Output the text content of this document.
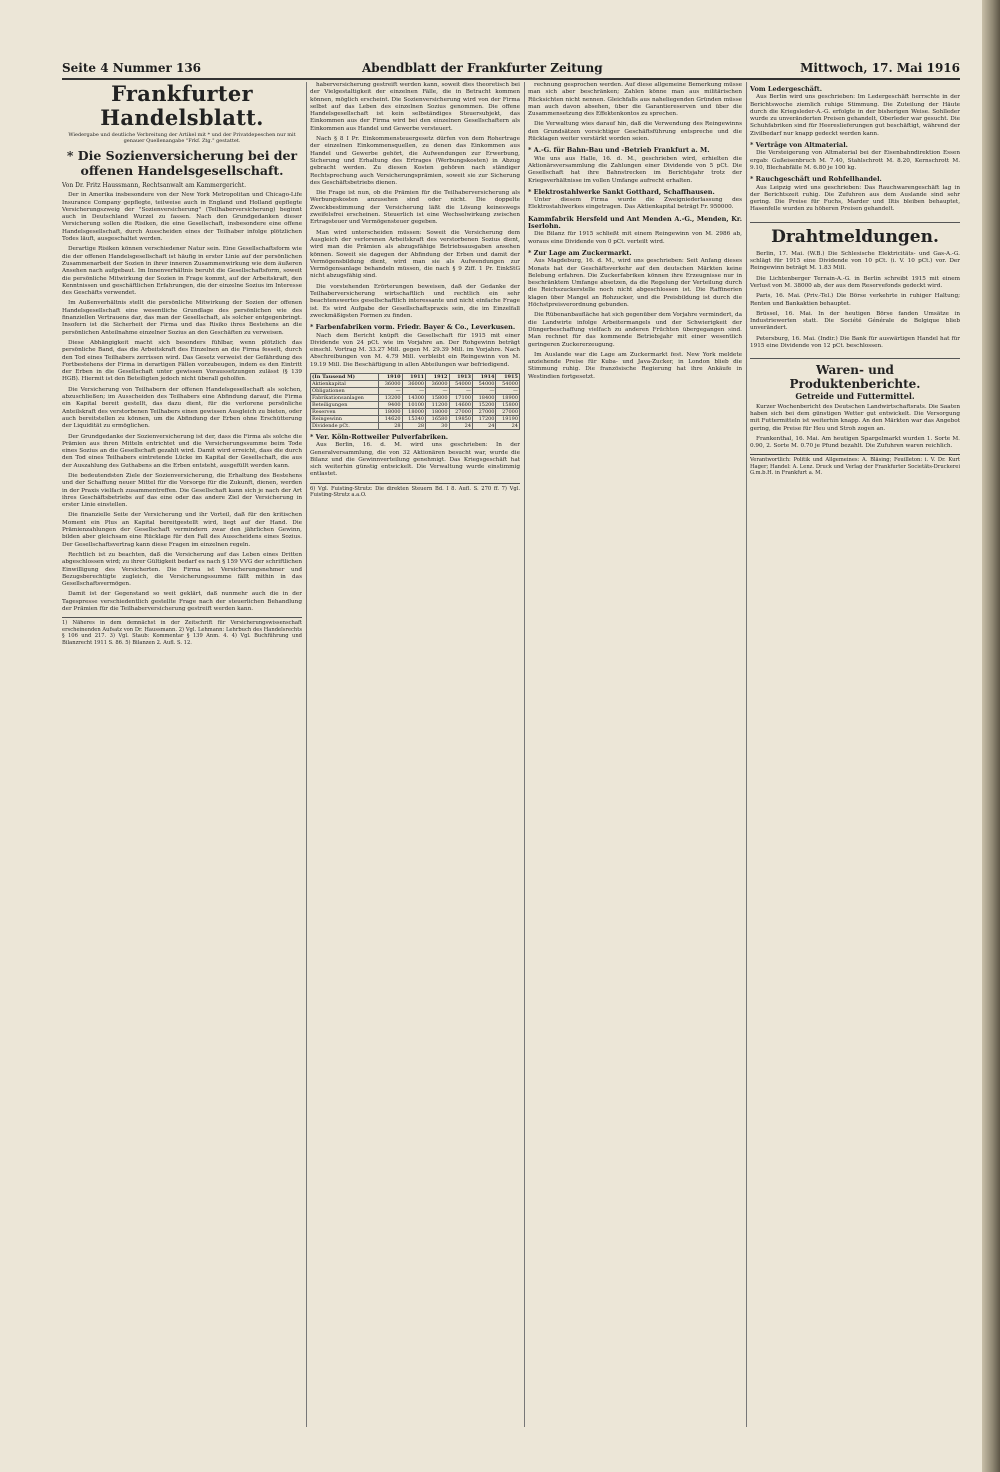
Seite 4 Nummer 136	Abendblatt der Frankfurter Zeitung	Mittwoch, 17. Mai 1916
Frankfurter Handelsblatt.
Wiedergabe und deutliche Verbreitung der Artikel mit * und der Privatdepeschen nur mit genauer Quellenangabe "Frkf. Ztg." gestattet.
* Die Sozienversicherung bei der offenen Handelsgesellschaft.
Von Dr. Fritz Haussmann, Rechtsanwalt am Kammergericht.

Der in Amerika insbesondere von der New York Metropolitan und Chicago-Life Insurance Company gepflegte, teilweise auch in England und Holland gepflegte Versicherungszweig der "Sozienversicherung" (Teilhaberversicherung) beginnt auch in Deutschland Wurzel zu fassen. Nach den Grundgedanken dieser Versicherung sollen die Risiken, die eine Gesellschaft, insbesondere eine offene Handelsgesellschaft, durch Ausscheiden eines der Teilhaber infolge plötzlichen Todes läuft, ausgeschaltet werden.

Derartige Risiken können verschiedener Natur sein. Eine Gesellschaftsform wie die der offenen Handelsgesellschaft ist häufig in erster Linie auf der persönlichen Zusammenarbeit der Sozien in ihrer inneren Zusammenwirkung wie dem äußeren Ansehen nach aufgebaut. Im Innenverhältnis beruht die Gesellschaftsform, soweit die persönliche Mitwirkung der Sozien in Frage kommt, auf der Arbeitskraft, den Kenntnissen und geschäftlichen Erfahrungen, die der einzelne Sozius im Interesse des Geschäfts verwendet.

Im Außenverhältnis stellt die persönliche Mitwirkung der Sozien der offenen Handelsgesellschaft eine wesentliche Grundlage des persönlichen wie des finanziellen Vertrauens dar, das man der Gesellschaft, als solcher entgegenbringt. Insofern ist die Sicherheit der Firma und das Risiko ihres Bestehens an die persönlichen Anteilnahme einzelner Sozius an den Geschäften zu verweisen.

Diese Abhängigkeit macht sich besonders fühlbar, wenn plötzlich das persönliche Band, das die Arbeitskraft des Einzelnen an die Firma fesselt, durch den Tod eines Teilhabers zerrissen wird. Das Gesetz verweist der Gefährdung des Fortbestehens der Firma in derartigen Fällen vorzubeugen, indem es den Eintritt der Erben in die Gesellschaft unter gewissen Voraussetzungen zulässt (§ 139 HGB). Hiermit ist den Beteiligten jedoch nicht überall geholfen.

Die Versicherung von Teilhabern der offenen Handelsgesellschaft als solchen, abzuschließen; im Ausscheiden des Teilhabers eine Abfindung darauf, die Firma ein Kapital bereit gestellt, das dazu dient, für die verlorene persönliche Anteilskraft des verstorbenen Teilhabers einen gewissen Ausgleich zu bieten, oder auch bereitstellen zu können, um die Abfindung der Erben ohne Erschütterung der Liquidität zu ermöglichen.

Der Grundgedanke der Sozienversicherung ist der, dass die Firma als solche die Prämien aus ihren Mitteln entrichtet und die Versicherungssumme beim Tode eines Sozius an die Gesellschaft gezahlt wird. Damit wird erreicht, dass die durch den Tod eines Teilhabers eintretende Lücke im Kapital der Gesellschaft, die aus der Auszahlung des Guthabens an die Erben entsteht, ausgefüllt werden kann.

Die bedeutendsten Ziele der Sozienversicherung, die Erhaltung des Bestehens und der Schaffung neuer Mittel für die Vorsorge für die Zukunft, dienen, werden in der Praxis vielfach zusammentreffen. Die Gesellschaft kann sich je nach der Art ihres Geschäftsbetriebs auf das eine oder das andere Ziel der Versicherung in erster Linie einstellen.

Die finanzielle Seite der Versicherung und ihr Vorteil, daß für den kritischen Moment ein Plus an Kapital bereitgestellt wird, liegt auf der Hand. Die Prämienzahlungen der Gesellschaft vermindern zwar den jährlichen Gewinn, bilden aber gleichsam eine Rücklage für den Fall des Ausscheidens eines Sozius. Der Gesellschaftsvertrag kann diese Fragen im einzelnen regeln.

Rechtlich ist zu beachten, daß die Versicherung auf das Leben eines Dritten abgeschlossen wird; zu ihrer Gültigkeit bedarf es nach § 159 VVG der schriftlichen Einwilligung des Versicherten. Die Firma ist Versicherungsnehmer und Bezugsberechtigte zugleich, die Versicherungssumme fällt mithin in das Gesellschaftsvermögen.

Damit ist der Gegenstand so weit geklärt, daß nunmehr auch die in der Tagespresse verschiedentlich gestellte Frage nach der steuerlichen Behandlung der Prämien für die Teilhaberversicherung gestreift werden kann.

1) Näheres in dem demnächst in der Zeitschrift für Versicherungswissenschaft erscheinenden Aufsatz von Dr. Haussmann. 2) Vgl. Lehmann: Lehrbuch des Handelsrechts § 106 und 217. 3) Vgl. Staub: Kommentar § 139 Anm. 4. 4) Vgl. Buchführung und Bilanzrecht 1911 S. 86. 5) Bilanzen 2. Aufl. S. 12.

haberversicherung gestreift werden kann, soweit dies theoretisch bei der Vielgestaltigkeit der einzelnen Fälle, die in Betracht kommen können, möglich erscheint. Die Sozienversicherung wird von der Firma selbst auf das Leben des einzelnen Sozius genommen. Die offene Handelsgesellschaft ist kein selbständiges Steuersubjekt, das Einkommen aus der Firma wird bei den einzelnen Gesellschaftern als Einkommen aus Handel und Gewerbe versteuert.

Nach § 8 I Pr. Einkommensteuergesetz dürfen von dem Rohertrage der einzelnen Einkommensquellen, zu denen das Einkommen aus Handel und Gewerbe gehört, die Aufwendungen zur Erwerbung, Sicherung und Erhaltung des Ertrages (Werbungskosten) in Abzug gebracht werden. Zu diesen Kosten gehören nach ständiger Rechtsprechung auch Versicherungsprämien, soweit sie zur Sicherung des Geschäftsbetriebs dienen.

Die Frage ist nun, ob die Prämien für die Teilhaberversicherung als Werbungskosten anzusehen sind oder nicht. Die doppelte Zweckbestimmung der Versicherung läßt die Lösung keineswegs zweifelsfrei erscheinen. Steuerlich ist eine Wechselwirkung zwischen Ertragsteuer und Vermögensteuer gegeben.

Man wird unterscheiden müssen: Soweit die Versicherung dem Ausgleich der verlorenen Arbeitskraft des verstorbenen Sozius dient, wird man die Prämien als abzugsfähige Betriebsausgaben ansehen können. Soweit sie dagegen der Abfindung der Erben und damit der Vermögensbildung dient, wird man sie als Aufwendungen zur Vermögensanlage behandeln müssen, die nach § 9 Ziff. 1 Pr. EinkStG nicht abzugsfähig sind.

Die vorstehenden Erörterungen beweisen, daß der Gedanke der Teilhaberversicherung wirtschaftlich und rechtlich ein sehr beachtenswertes gesellschaftlich interessante und nicht einfache Frage ist. Es wird Aufgabe der Gesellschaftspraxis sein, die im Einzelfall zweckmäßigsten Formen zu finden.

* Farbenfabriken vorm. Friedr. Bayer & Co., Leverkusen.

Nach dem Bericht knüpft die Gesellschaft für 1915 mit einer Dividende von 24 pCt. wie im Vorjahre an. Der Rohgewinn beträgt einschl. Vortrag M. 33.27 Mill. gegen M. 29.39 Mill. im Vorjahre. Nach Abschreibungen von M. 4.79 Mill. verbleibt ein Reingewinn von M. 19.19 Mill. Die Beschäftigung in allen Abteilungen war befriedigend.

(In Tausend M)	1910	1911	1912	1913	1914	1915
Aktienkapital	36000	36000	36000	54000	54000	54000
Obligationen	—	—	—	—	—	—
Fabrikationsanlagen	13200	14300	15800	17100	18400	18900
Beteiligungen	9400	10100	11200	14600	15200	15800
Reserven	18000	18000	18000	27000	27000	27000
Reingewinn	14620	15340	16580	19850	17200	19190
Dividende pCt.	28	28	30	24	24	24
* Ver. Köln-Rottweiler Pulverfabriken.

Aus Berlin, 16. d. M. wird uns geschrieben: In der Generalversammlung, die von 32 Aktionären besucht war, wurde die Bilanz und die Gewinnverteilung genehmigt. Das Kriegsgeschäft hat sich weiterhin günstig entwickelt. Die Verwaltung wurde einstimmig entlastet.

6) Vgl. Fuisting-Strutz: Die direkten Steuern Bd. I 8. Aufl. S. 270 ff. 7) Vgl. Fuisting-Strutz a.a.O.

rechnung gesprochen werden. Auf diese allgemeine Bemerkung müsse man sich aber beschränken; Zahlen könne man aus militärischen Rücksichten nicht nennen. Gleichfalls aus naheliegenden Gründen müsse man auch davon absehen, über die Garantiereserven und über die Zusammensetzung des Effektenkontos zu sprechen.

Die Verwaltung wies darauf hin, daß die Verwendung des Reingewinns den Grundsätzen vorsichtiger Geschäftsführung entspreche und die Rücklagen weiter verstärkt worden seien.

* A.-G. für Bahn-Bau und -Betrieb Frankfurt a. M.

Wie uns aus Halle, 16. d. M., geschrieben wird, erhielten die Aktionärsversammlung die Zahlungen einer Dividende von 5 pCt. Die Gesellschaft hat ihre Bahnstrecken im Berichtsjahr trotz der Kriegsverhältnisse im vollen Umfange aufrecht erhalten.

* Elektrostahlwerke Sankt Gotthard, Schaffhausen.

Unter diesem Firma wurde die Zweigniederlassung des Elektrostahlwerkes eingetragen. Das Aktienkapital beträgt Fr. 950000.

Kammfabrik Hersfeld und Ant Menden A.-G., Menden, Kr. Iserlohn.

Die Bilanz für 1915 schließt mit einem Reingewinn von M. 2986 ab, woraus eine Dividende von 0 pCt. verteilt wird.

* Zur Lage am Zuckermarkt.

Aus Magdeburg, 16. d. M., wird uns geschrieben: Seit Anfang dieses Monats hat der Geschäftsverkehr auf den deutschen Märkten keine Belebung erfahren. Die Zuckerfabriken können ihre Erzeugnisse nur in beschränktem Umfange absetzen, da die Regelung der Verteilung durch die Reichszuckerstelle noch nicht abgeschlossen ist. Die Raffinerien klagen über Mangel an Rohzucker, und die Preisbildung ist durch die Höchstpreisverordnung gebunden.

Die Rübenanbaufläche hat sich gegenüber dem Vorjahre vermindert, da die Landwirte infolge Arbeitermangels und der Schwierigkeit der Düngerbeschaffung vielfach zu anderen Früchten übergegangen sind. Man rechnet für das kommende Betriebsjahr mit einer wesentlich geringeren Zuckererzeugung.

Im Auslande war die Lage am Zuckermarkt fest. New York meldete anziehende Preise für Kuba- und Java-Zucker, in London blieb die Stimmung ruhig. Die französische Regierung hat ihre Ankäufe in Westindien fortgesetzt.

Vom Ledergeschäft.

Aus Berlin wird uns geschrieben: Im Ledergeschäft herrschte in der Berichtswoche ziemlich ruhige Stimmung. Die Zuteilung der Häute durch die Kriegsleder-A.-G. erfolgte in der bisherigen Weise. Sohlleder wurde zu unveränderten Preisen gehandelt, Oberleder war gesucht. Die Schuhfabriken sind für Heereslieferungen gut beschäftigt, während der Zivilbedarf nur knapp gedeckt werden kann.

* Verträge von Altmaterial.

Die Versteigerung von Altmaterial bei der Eisenbahndirektion Essen ergab: Gußeisenbruch M. 7.40, Stahlschrott M. 8.20, Kernschrott M. 9.10, Blechabfälle M. 6.80 je 100 kg.

* Rauchgeschäft und Rohfellhandel.

Aus Leipzig wird uns geschrieben: Das Rauchwarengeschäft lag in der Berichtszeit ruhig. Die Zufuhren aus dem Auslande sind sehr gering. Die Preise für Fuchs, Marder und Iltis bleiben behauptet, Hasenfelle wurden zu höheren Preisen gehandelt.

Drahtmeldungen.

Berlin, 17. Mai. (W.B.) Die Schlesische Elektricitäts- und Gas-A.-G. schlägt für 1915 eine Dividende von 10 pCt. (i. V. 10 pCt.) vor. Der Reingewinn beträgt M. 1.83 Mill.

Die Lichtenberger Terrain-A.-G. in Berlin schreibt 1915 mit einem Verlust von M. 38000 ab, der aus dem Reservefonds gedeckt wird.

Paris, 16. Mai. (Priv.-Tel.) Die Börse verkehrte in ruhiger Haltung; Renten und Bankaktien behauptet.

Brüssel, 16. Mai. In der heutigen Börse fanden Umsätze in Industriewerten statt. Die Société Générale de Belgique blieb unverändert.

Petersburg, 16. Mai. (Indir.) Die Bank für auswärtigen Handel hat für 1915 eine Dividende von 12 pCt. beschlossen.

Waren- und Produktenberichte.
Getreide und Futtermittel.

Kurzer Wochenbericht des Deutschen Landwirtschaftsrats. Die Saaten haben sich bei dem günstigen Wetter gut entwickelt. Die Versorgung mit Futtermitteln ist weiterhin knapp. An den Märkten war das Angebot gering, die Preise für Heu und Stroh zogen an.

Frankenthal, 16. Mai. Am heutigen Spargelmarkt wurden 1. Sorte M. 0.90, 2. Sorte M. 0.70 je Pfund bezahlt. Die Zufuhren waren reichlich.

Verantwortlich: Politik und Allgemeines: A. Bläsing; Feuilleton: i. V. Dr. Kurt Hager; Handel: A. Lenz. Druck und Verlag der Frankfurter Societäts-Druckerei G.m.b.H. in Frankfurt a. M.
